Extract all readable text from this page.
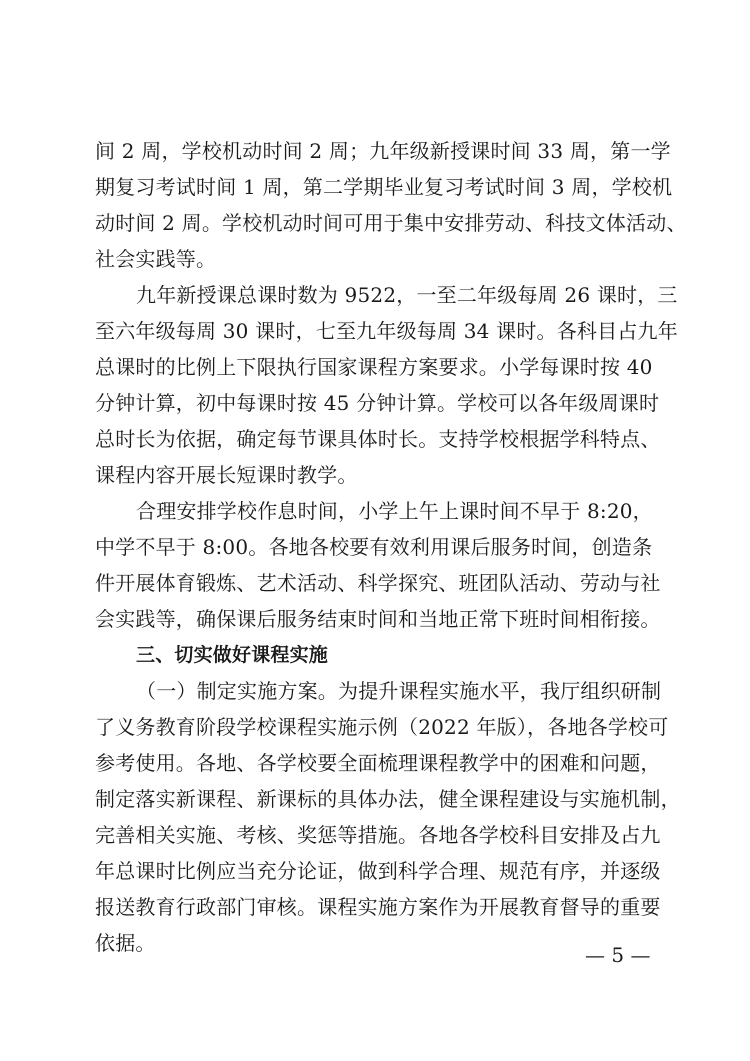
间 2 周，学校机动时间 2 周；九年级新授课时间 33 周，第一学
期复习考试时间 1 周，第二学期毕业复习考试时间 3 周，学校机
动时间 2 周。学校机动时间可用于集中安排劳动、科技文体活动、
社会实践等。
九年新授课总课时数为 9522，一至二年级每周 26 课时，三
至六年级每周 30 课时，七至九年级每周 34 课时。各科目占九年
总课时的比例上下限执行国家课程方案要求。小学每课时按 40
分钟计算，初中每课时按 45 分钟计算。学校可以各年级周课时
总时长为依据，确定每节课具体时长。支持学校根据学科特点、
课程内容开展长短课时教学。
合理安排学校作息时间，小学上午上课时间不早于 8:20，
中学不早于 8:00。各地各校要有效利用课后服务时间，创造条
件开展体育锻炼、艺术活动、科学探究、班团队活动、劳动与社
会实践等，确保课后服务结束时间和当地正常下班时间相衔接。
三、切实做好课程实施
（一）制定实施方案。为提升课程实施水平，我厅组织研制
了义务教育阶段学校课程实施示例（2022 年版），各地各学校可
参考使用。各地、各学校要全面梳理课程教学中的困难和问题，
制定落实新课程、新课标的具体办法，健全课程建设与实施机制，
完善相关实施、考核、奖惩等措施。各地各学校科目安排及占九
年总课时比例应当充分论证，做到科学合理、规范有序，并逐级
报送教育行政部门审核。课程实施方案作为开展教育督导的重要
依据。	— 5 —
